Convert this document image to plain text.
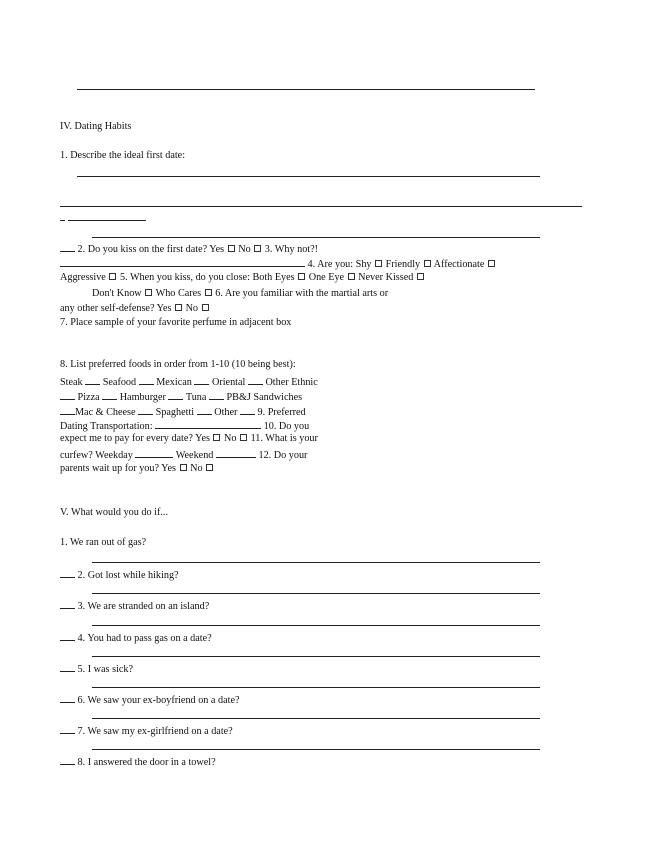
IV. Dating Habits
1. Describe the ideal first date:

2. Do you kiss on the first date? Yes No 3. Why not?!
4. Are you: Shy Friendly Affectionate
Aggressive 5. When you kiss, do you close: Both Eyes One Eye Never Kissed
Don't Know Who Cares 6. Are you familiar with the martial arts or
any other self-defense? Yes No
7. Place sample of your favorite perfume in adjacent box
8. List preferred foods in order from 1-10 (10 being best):
Steak Seafood Mexican Oriental Other Ethnic
Pizza Hamburger Tuna PB&J Sandwiches
Mac & Cheese Spaghetti Other 9. Preferred
Dating Transportation:	10. Do you
expect me to pay for every date? Yes No 11. What is your
curfew? Weekday	Weekend	12. Do your
parents wait up for you? Yes No
V. What would you do if...
1. We ran out of gas?
2. Got lost while hiking?
3. We are stranded on an island?
4. You had to pass gas on a date?
5. I was sick?
6. We saw your ex-boyfriend on a date?
7. We saw my ex-girlfriend on a date?
8. I answered the door in a towel?
